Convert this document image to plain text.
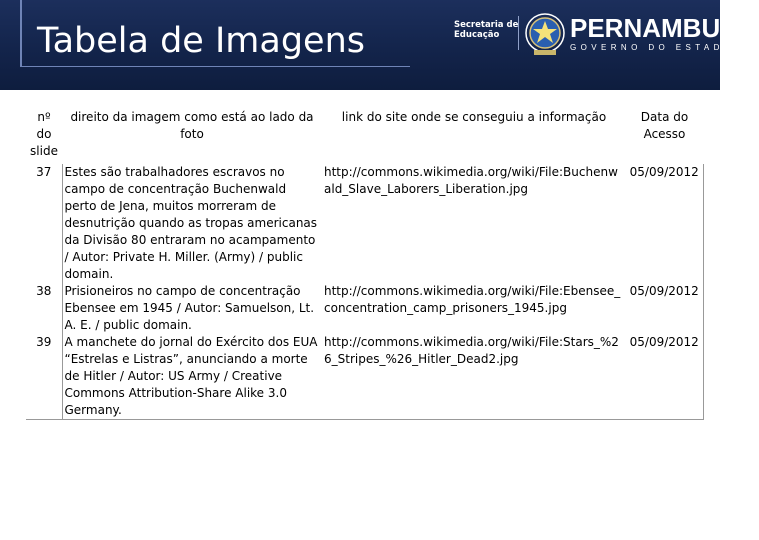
Tabela de Imagens	Secretaria de
Educação	PERNAMBUCO
GOVERNO DO ESTADO
nº do slide	direito da imagem como está ao lado da foto	link do site onde se conseguiu a informação	Data do Acesso
37	Estes são trabalhadores escravos no campo de concentração Buchenwald perto de Jena, muitos morreram de desnutrição quando as tropas americanas da Divisão 80 entraram no acampamento / Autor: Private H. Miller. (Army) / public domain.	http://commons.wikimedia.org/wiki/File:Buchenwald_Slave_Laborers_Liberation.jpg	05/09/2012
38	Prisioneiros no campo de concentração Ebensee em 1945 / Autor: Samuelson, Lt. A. E. / public domain.	http://commons.wikimedia.org/wiki/File:Ebensee_concentration_camp_prisoners_1945.jpg	05/09/2012
39	A manchete do jornal do Exército dos EUA “Estrelas e Listras”, anunciando a morte de Hitler / Autor: US Army / Creative Commons Attribution-Share Alike 3.0 Germany.	http://commons.wikimedia.org/wiki/File:Stars_%26_Stripes_%26_Hitler_Dead2.jpg	05/09/2012
